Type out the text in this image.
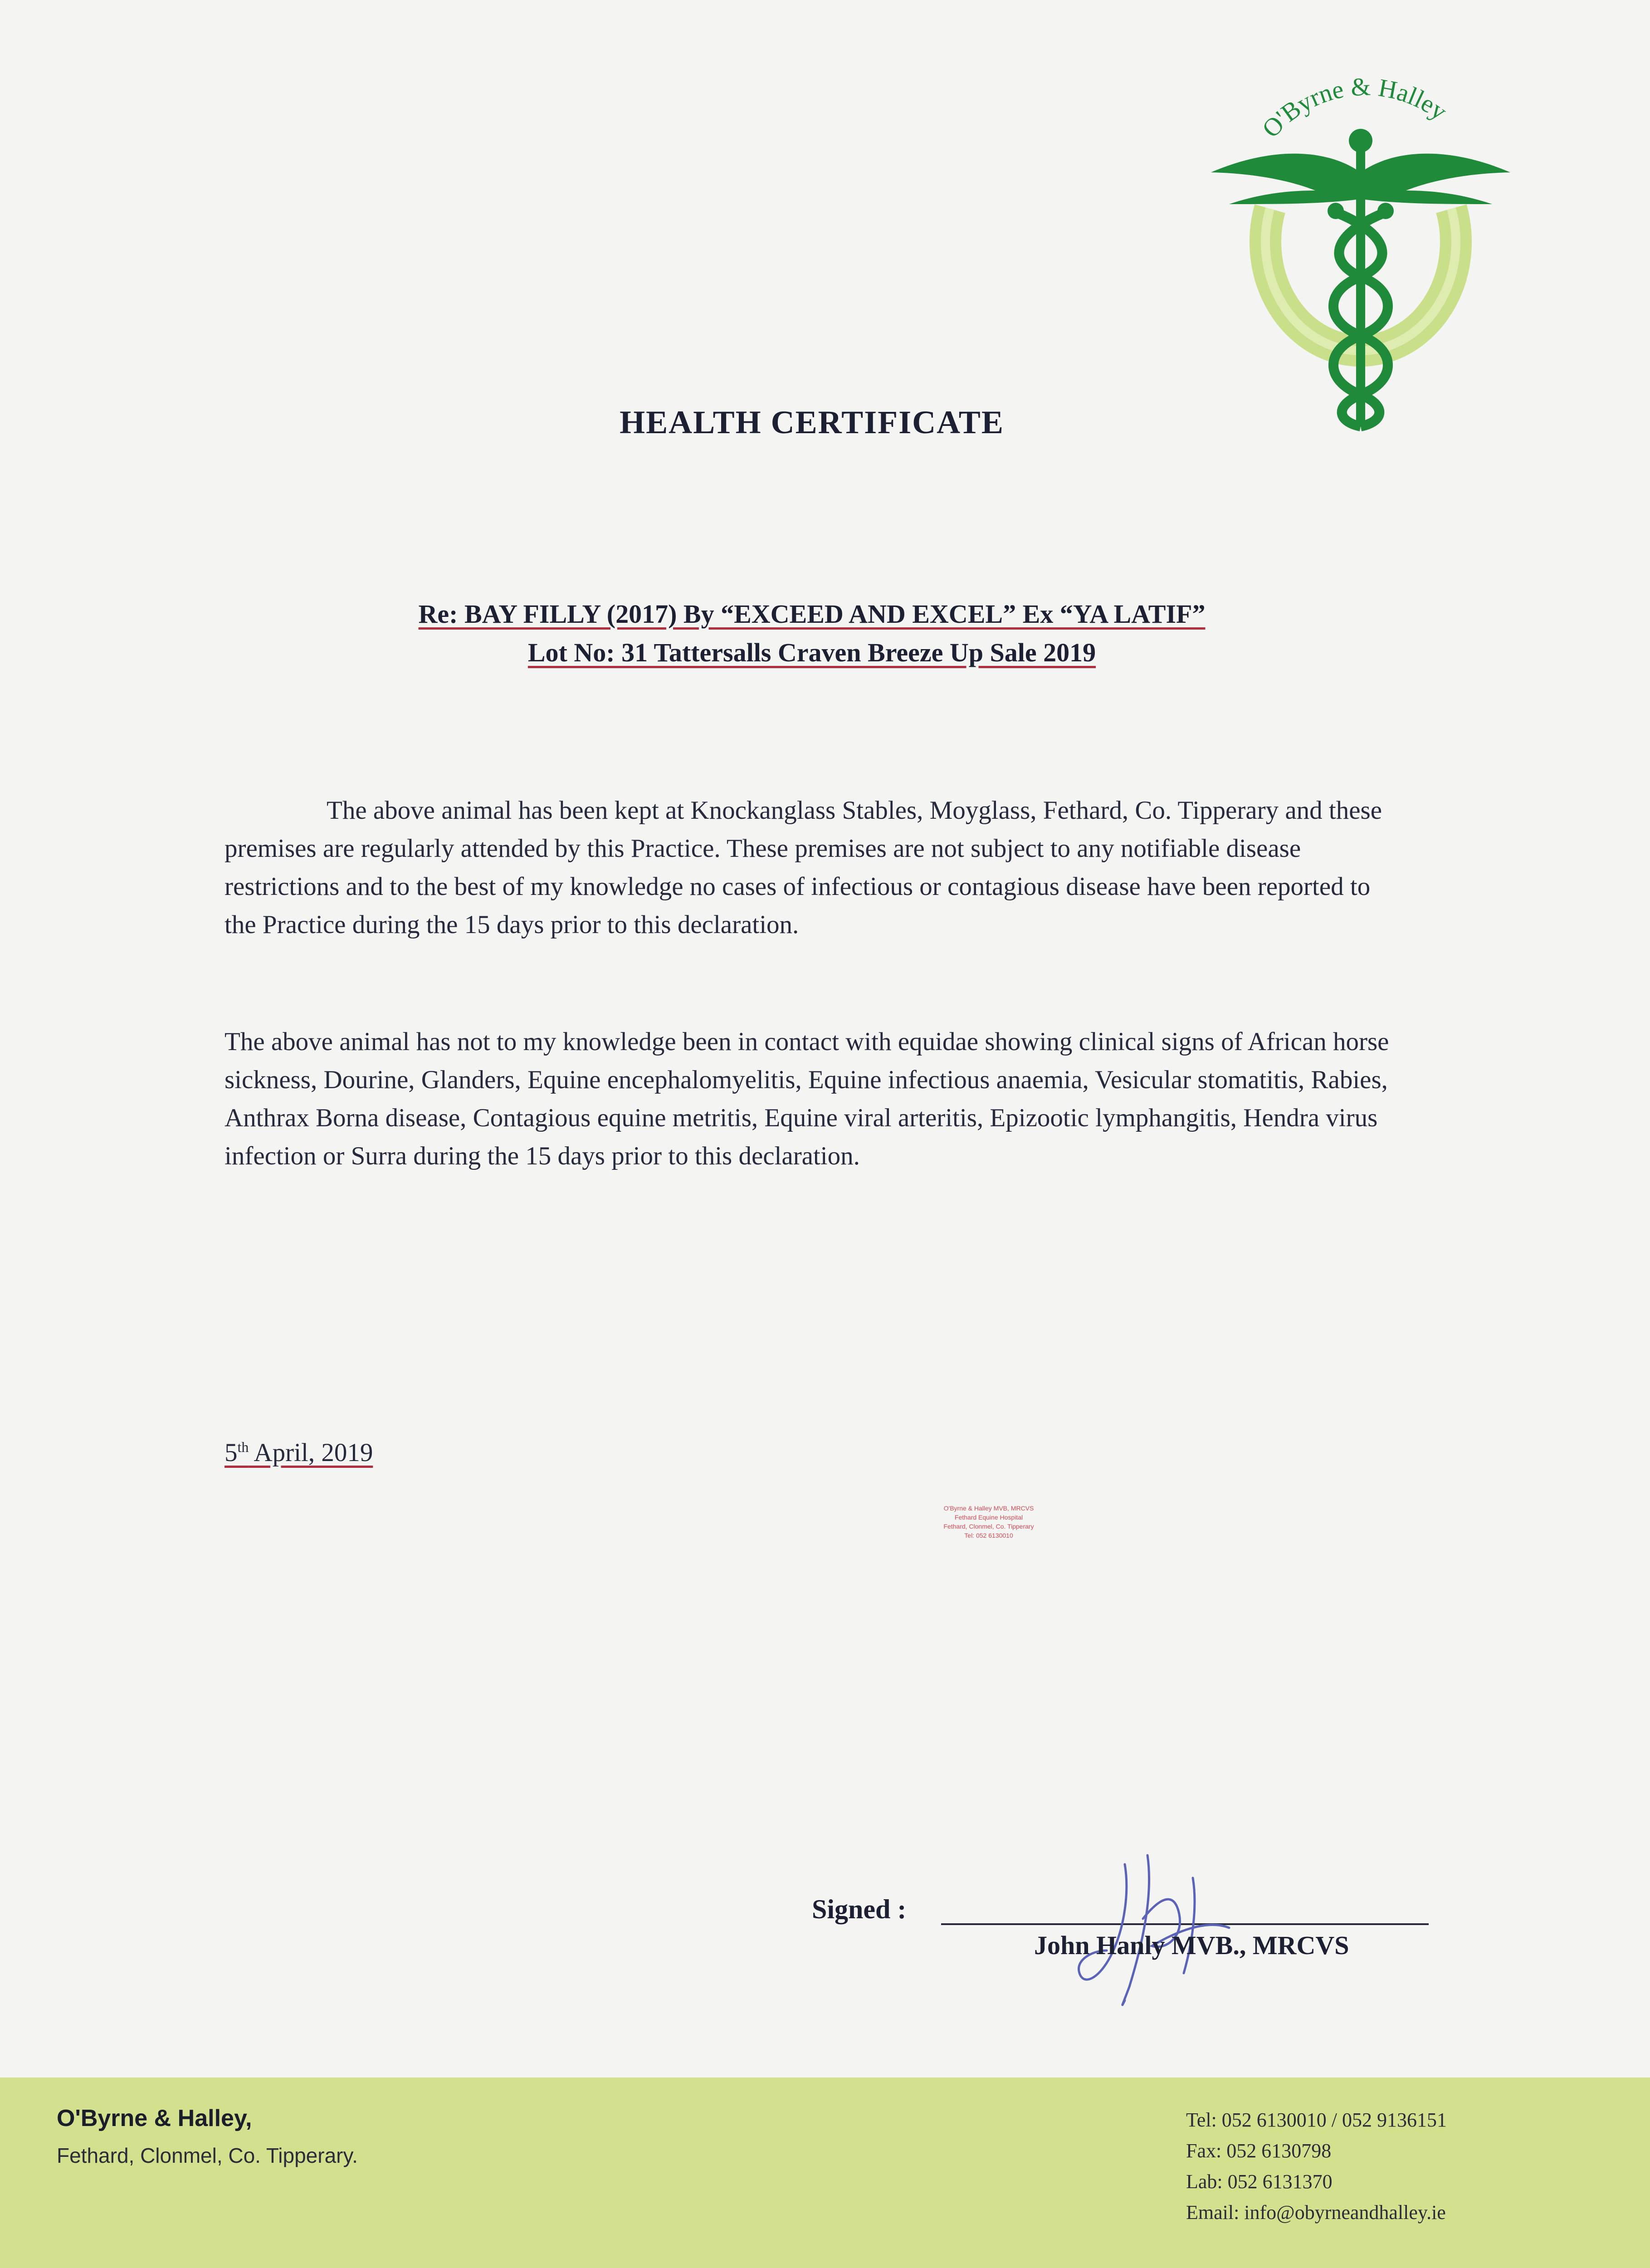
O'Byrne & Halley
HEALTH CERTIFICATE
Re: BAY FILLY (2017) By “EXCEED AND EXCEL” Ex “YA LATIF”
Lot No: 31 Tattersalls Craven Breeze Up Sale 2019

The above animal has been kept at Knockanglass Stables, Moyglass, Fethard, Co. Tipperary and these premises are regularly attended by this Practice. These premises are not subject to any notifiable disease restrictions and to the best of my knowledge no cases of infectious or contagious disease have been reported to the Practice during the 15 days prior to this declaration.

The above animal has not to my knowledge been in contact with equidae showing clinical signs of African horse sickness, Dourine, Glanders, Equine encephalomyelitis, Equine infectious anaemia, Vesicular stomatitis, Rabies, Anthrax Borna disease, Contagious equine metritis, Equine viral arteritis, Epizootic lymphangitis, Hendra virus infection or Surra during the 15 days prior to this declaration.

5th April, 2019
O'Byrne & Halley MVB, MRCVS
Fethard Equine Hospital
Fethard, Clonmel, Co. Tipperary
Tel: 052 6130010
Signed :
John Hanly MVB., MRCVS
O'Byrne & Halley,
Fethard, Clonmel, Co. Tipperary.
Tel: 052 6130010 / 052 9136151
Fax: 052 6130798
Lab: 052 6131370
Email: info@obyrneandhalley.ie
